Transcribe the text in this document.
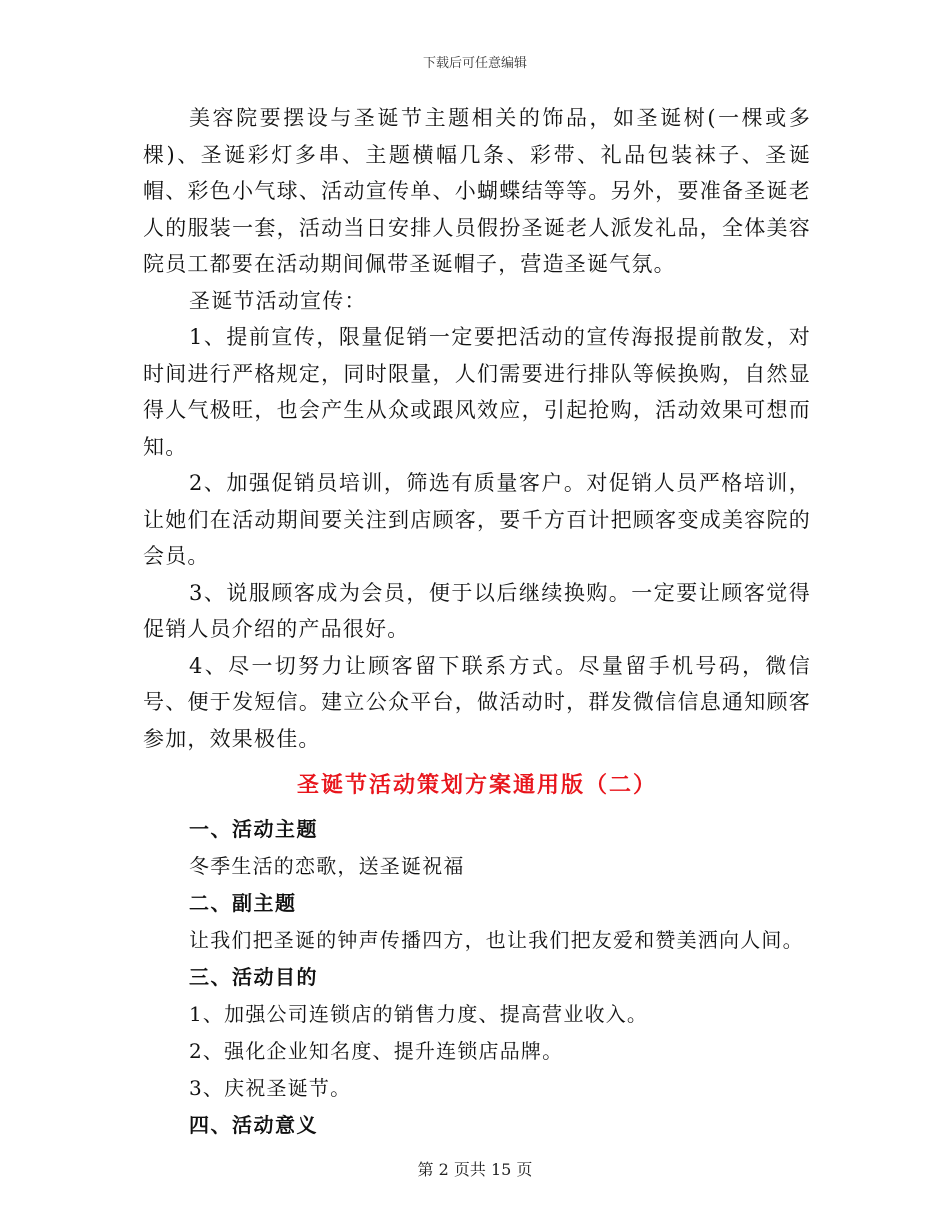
下载后可任意编辑

美容院要摆设与圣诞节主题相关的饰品，如圣诞树(一棵或多棵)、圣诞彩灯多串、主题横幅几条、彩带、礼品包装袜子、圣诞帽、彩色小气球、活动宣传单、小蝴蝶结等等。另外，要准备圣诞老人的服装一套，活动当日安排人员假扮圣诞老人派发礼品，全体美容院员工都要在活动期间佩带圣诞帽子，营造圣诞气氛。

圣诞节活动宣传：

1、提前宣传，限量促销一定要把活动的宣传海报提前散发，对时间进行严格规定，同时限量，人们需要进行排队等候换购，自然显得人气极旺，也会产生从众或跟风效应，引起抢购，活动效果可想而知。

2、加强促销员培训，筛选有质量客户。对促销人员严格培训，让她们在活动期间要关注到店顾客，要千方百计把顾客变成美容院的会员。

3、说服顾客成为会员，便于以后继续换购。一定要让顾客觉得促销人员介绍的产品很好。

4、尽一切努力让顾客留下联系方式。尽量留手机号码，微信号、便于发短信。建立公众平台，做活动时，群发微信信息通知顾客参加，效果极佳。

圣诞节活动策划方案通用版（二）

一、活动主题

冬季生活的恋歌，送圣诞祝福

二、副主题

让我们把圣诞的钟声传播四方，也让我们把友爱和赞美洒向人间。

三、活动目的

1、加强公司连锁店的销售力度、提高营业收入。

2、强化企业知名度、提升连锁店品牌。

3、庆祝圣诞节。

四、活动意义

第 2 页共 15 页
